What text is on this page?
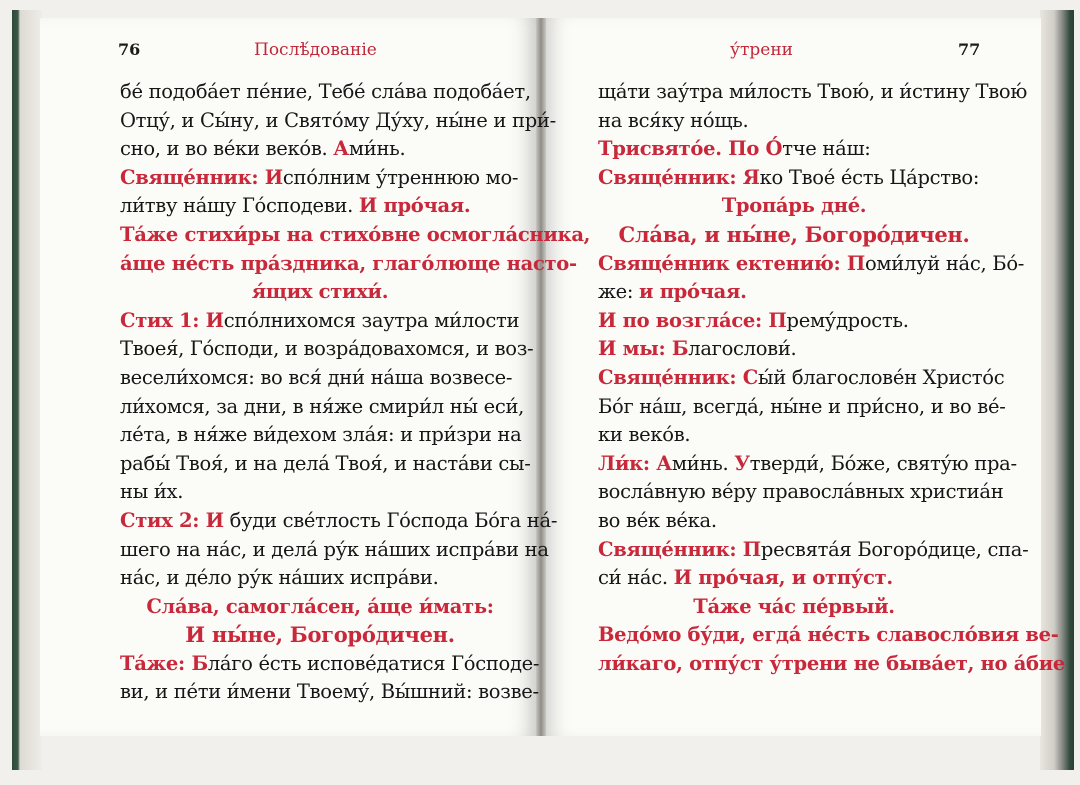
76	Послѣ́дованіе	у́трени	77
бе́ подоба́ет пе́ние, Тебе́ сла́ва подоба́ет,
Отцу́, и Сы́ну, и Свято́му Ду́ху, ны́не и при́-
сно, и во ве́ки веко́в. Ами́нь.
Свяще́нник: Испо́лним у́треннюю мо-
ли́тву на́шу Го́сподеви. И про́чая.
Та́же стихи́ры на стихо́вне осмогла́сника,
а́ще не́сть пра́здника, глаго́лющe насто-
я́щих стихи́.
Стих 1: Испо́лнихомся заутра ми́лости
Твоея́, Го́споди, и возра́довахомся, и воз-
весели́хомся: во вся́ дни́ на́ша возвесе-
ли́хомся, за дни, в ня́же смири́л ны́ еси́,
ле́та, в ня́же ви́дехом зла́я: и при́зри на
рабы́ Твоя́, и на дела́ Твоя́, и наста́ви сы-
ны и́х.
Стих 2: И буди све́тлость Го́спода Бо́га на́-
шего на на́с, и дела́ ру́к на́ших испра́ви на
на́с, и де́ло ру́к на́ших испра́ви.
Сла́ва, самогла́сен, а́ще и́мать:
И ны́не, Богоро́дичен.
Та́же: Бла́го е́сть испове́датися Го́споде-
ви, и пе́ти и́мени Твоему́, Вы́шний: возве-
ща́ти зау́тра ми́лость Твою́, и и́стину Твою́
на вся́ку но́щь.
Трисвято́е. По О́тче на́ш:
Свяще́нник: Яко Твое́ е́сть Ца́рство:
Тропа́рь дне́.
Сла́ва, и ны́не, Богоро́дичен.
Свяще́нник ектению́: Поми́луй на́с, Бо́-
же: и про́чая.
И по возгла́се: Прему́дрость.
И мы: Благослови́.
Свяще́нник: Сы́й благослове́н Христо́с
Бо́г на́ш, всегда́, ны́не и при́сно, и во ве́-
ки веко́в.
Ли́к: Ами́нь. Утверди́, Бо́же, святу́ю пра-
восла́вную ве́ру правосла́вных христиа́н
во ве́к ве́ка.
Свяще́нник: Пресвята́я Богоро́дице, спа-
си́ на́с. И про́чая, и отпу́ст.
Та́же ча́с пе́рвый.
Ведо́мо бу́ди, егда́ не́сть славосло́вия ве-
ли́каго, отпу́ст у́трени не быва́ет, но а́бие
